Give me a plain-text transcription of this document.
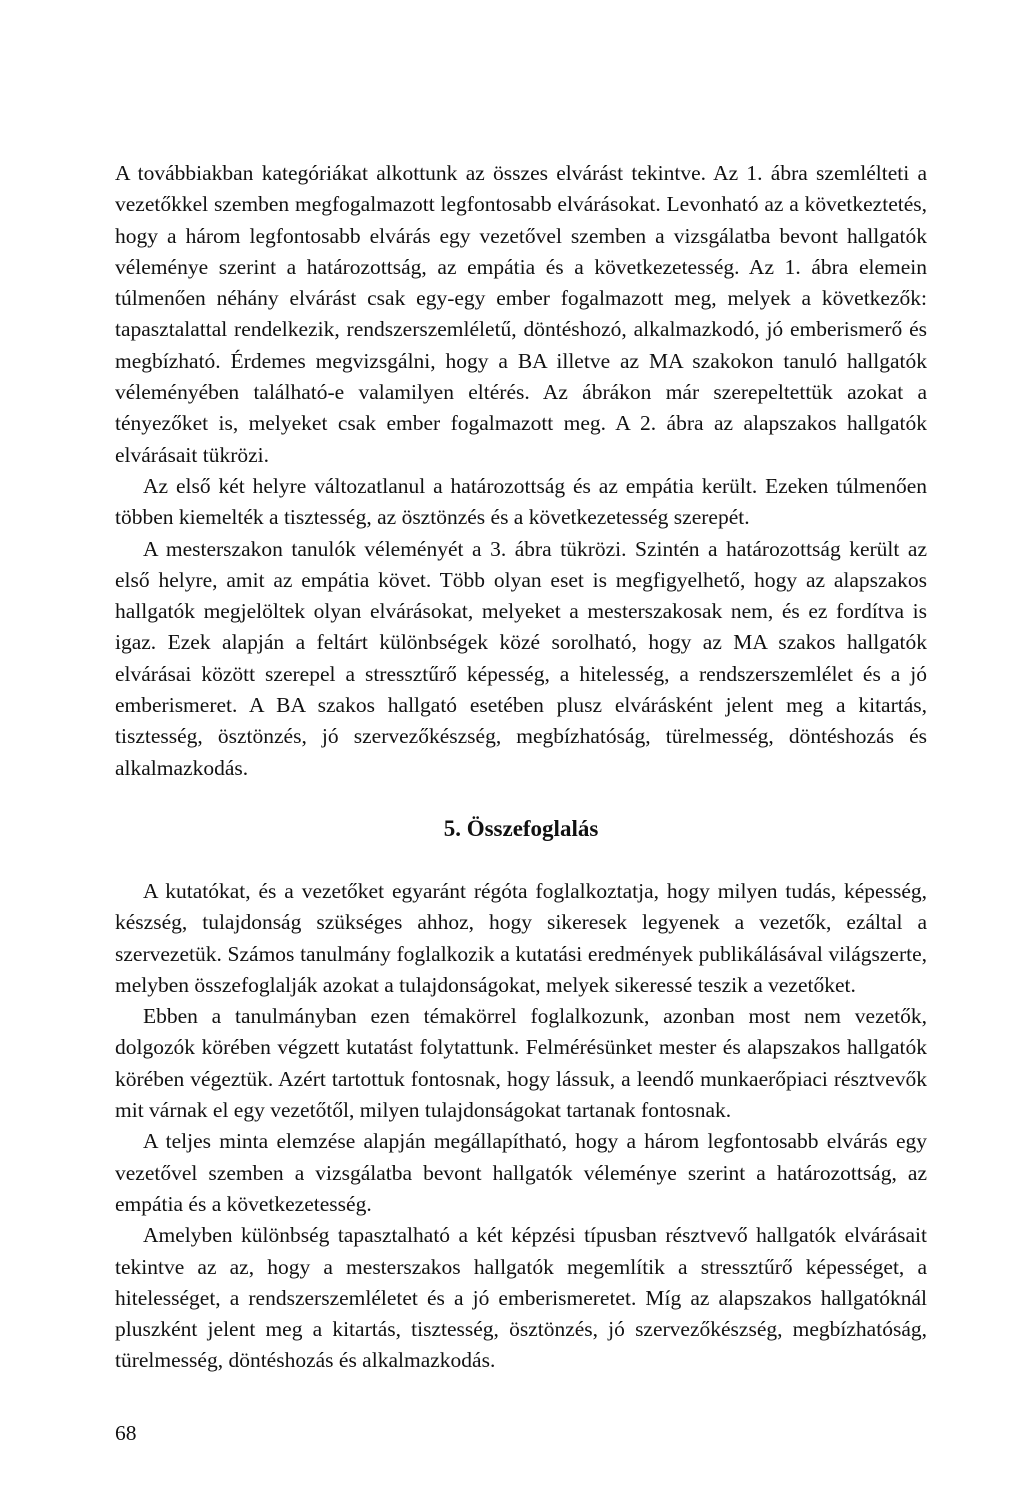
A továbbiakban kategóriákat alkottunk az összes elvárást tekintve. Az 1. ábra szemlélteti a vezetőkkel szemben megfogalmazott legfontosabb elvárásokat. Levonható az a következtetés, hogy a három legfontosabb elvárás egy vezetővel szemben a vizsgálatba bevont hallgatók véleménye szerint a határozottság, az empátia és a következetesség. Az 1. ábra elemein túlmenően néhány elvárást csak egy-egy ember fogalmazott meg, melyek a következők: tapasztalattal rendelkezik, rendszerszemléletű, döntéshozó, alkalmazkodó, jó emberismerő és megbízható. Érdemes megvizsgálni, hogy a BA illetve az MA szakokon tanuló hallgatók véleményében található-e valamilyen eltérés. Az ábrákon már szerepeltettük azokat a tényezőket is, melyeket csak ember fogalmazott meg. A 2. ábra az alapszakos hallgatók elvárásait tükrözi.

Az első két helyre változatlanul a határozottság és az empátia került. Ezeken túlmenően többen kiemelték a tisztesség, az ösztönzés és a következetesség szerepét.

A mesterszakon tanulók véleményét a 3. ábra tükrözi. Szintén a határozottság került az első helyre, amit az empátia követ. Több olyan eset is megfigyelhető, hogy az alapszakos hallgatók megjelöltek olyan elvárásokat, melyeket a mesterszakosak nem, és ez fordítva is igaz. Ezek alapján a feltárt különbségek közé sorolható, hogy az MA szakos hallgatók elvárásai között szerepel a stressztűrő képesség, a hitelesség, a rendszerszemlélet és a jó emberismeret. A BA szakos hallgató esetében plusz elvárásként jelent meg a kitartás, tisztesség, ösztönzés, jó szervezőkészség, megbízhatóság, türelmesség, döntéshozás és alkalmazkodás.

5. Összefoglalás

A kutatókat, és a vezetőket egyaránt régóta foglalkoztatja, hogy milyen tudás, képesség, készség, tulajdonság szükséges ahhoz, hogy sikeresek legyenek a vezetők, ezáltal a szervezetük. Számos tanulmány foglalkozik a kutatási eredmények publikálásával világszerte, melyben összefoglalják azokat a tulajdonságokat, melyek sikeressé teszik a vezetőket.

Ebben a tanulmányban ezen témakörrel foglalkozunk, azonban most nem vezetők, dolgozók körében végzett kutatást folytattunk. Felmérésünket mester és alapszakos hallgatók körében végeztük. Azért tartottuk fontosnak, hogy lássuk, a leendő munkaerőpiaci résztvevők mit várnak el egy vezetőtől, milyen tulajdonságokat tartanak fontosnak.

A teljes minta elemzése alapján megállapítható, hogy a három legfontosabb elvárás egy vezetővel szemben a vizsgálatba bevont hallgatók véleménye szerint a határozottság, az empátia és a következetesség.

Amelyben különbség tapasztalható a két képzési típusban résztvevő hallgatók elvárásait tekintve az az, hogy a mesterszakos hallgatók megemlítik a stressztűrő képességet, a hitelességet, a rendszerszemléletet és a jó emberismeretet. Míg az alapszakos hallgatóknál pluszként jelent meg a kitartás, tisztesség, ösztönzés, jó szervezőkészség, megbízhatóság, türelmesség, döntéshozás és alkalmazkodás.

68
